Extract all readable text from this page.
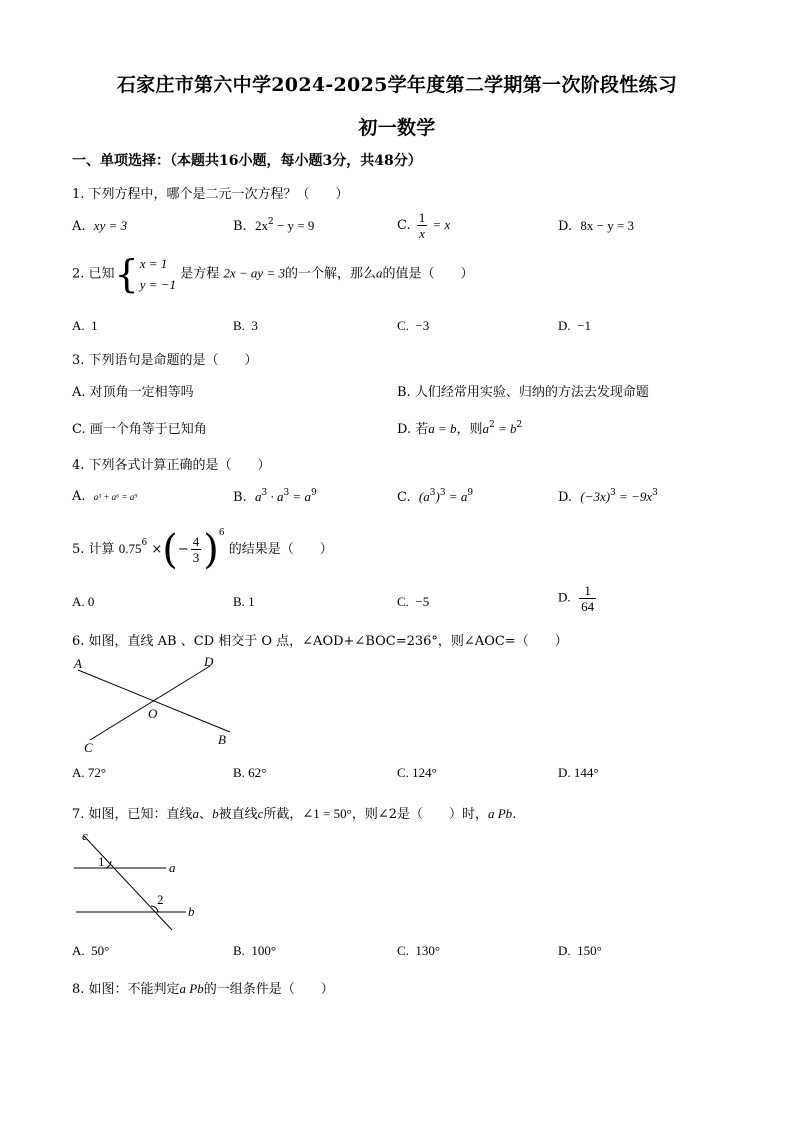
石家庄市第六中学2024-2025学年度第二学期第一次阶段性练习
初一数学
一、单项选择：（本题共16小题，每小题3分，共48分）
1. 下列方程中，哪个是二元一次方程？（　　）
A. xy = 3	B. $2x^2 - y = 9$	C. $\frac{1}{x} = x$	D. 8x − y = 3
2. 已知{ x = 1
y = −1
是方程 2x − ay = 3的一个解，那么a的值是（　　）
A. 1	B. 3	C. −3	D. −1
3. 下列语句是命题的是（　　）
A. 对顶角一定相等吗	B. 人们经常用实验、归纳的方法去发现命题
C. 画一个角等于已知角	D. 若a = b，则$a^2 = b^2$
4. 下列各式计算正确的是（　　）
A. a³ + a⁶ = a⁹	B. $a^3 \cdot a^3 = a^9$	C. $(a^3)^3 = a^9$	D. $(-3x)^3 = -9x^3$
5. 计算 $0.75^6$ ×(− $\frac{4}{3} )^6$ 的结果是（　　）
A. 0	B. 1	C. −5	D. $\frac{1}{64}$
6. 如图，直线 AB 、CD 相交于 O 点，∠AOD+∠BOC=236°，则∠AOC=（　　）
A	D
O
C
B
A. 72°	B. 62°	C. 124°	D. 144°
7. 如图，已知：直线a、b被直线c所截，∠1 = 50°，则∠2是（　　）时，a Pb.
c
a
b
1
2
A. 50°	B. 100°	C. 130°	D. 150°
8. 如图：不能判定a Pb的一组条件是（　　）
